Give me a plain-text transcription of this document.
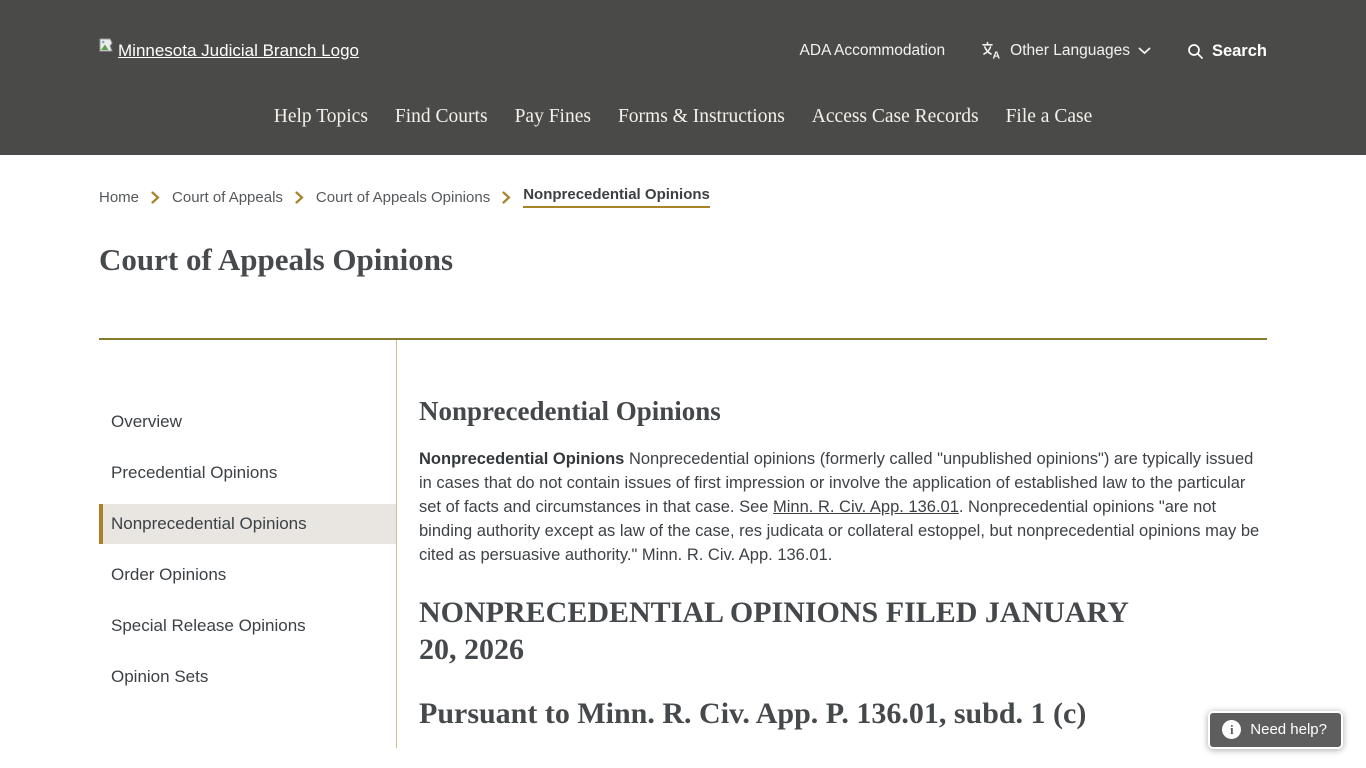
Minnesota Judicial Branch Logo	ADA Accommodation	A Other Languages	Search
Help Topics Find Courts Pay Fines Forms & Instructions Access Case Records File a Case
Home Court of Appeals Court of Appeals Opinions Nonprecedential Opinions
Court of Appeals Opinions
Overview
Precedential Opinions
Nonprecedential Opinions
Order Opinions
Special Release Opinions
Opinion Sets
Nonprecedential Opinions

Nonprecedential Opinions Nonprecedential opinions (formerly called "unpublished opinions") are typically issued in cases that do not contain issues of first impression or involve the application of established law to the particular set of facts and circumstances in that case. See Minn. R. Civ. App. 136.01. Nonprecedential opinions "are not binding authority except as law of the case, res judicata or collateral estoppel, but nonprecedential opinions may be cited as persuasive authority." Minn. R. Civ. App. 136.01.

NONPRECEDENTIAL OPINIONS FILED JANUARY 20, 2026
Pursuant to Minn. R. Civ. App. P. 136.01, subd. 1 (c)	i	Need help?
